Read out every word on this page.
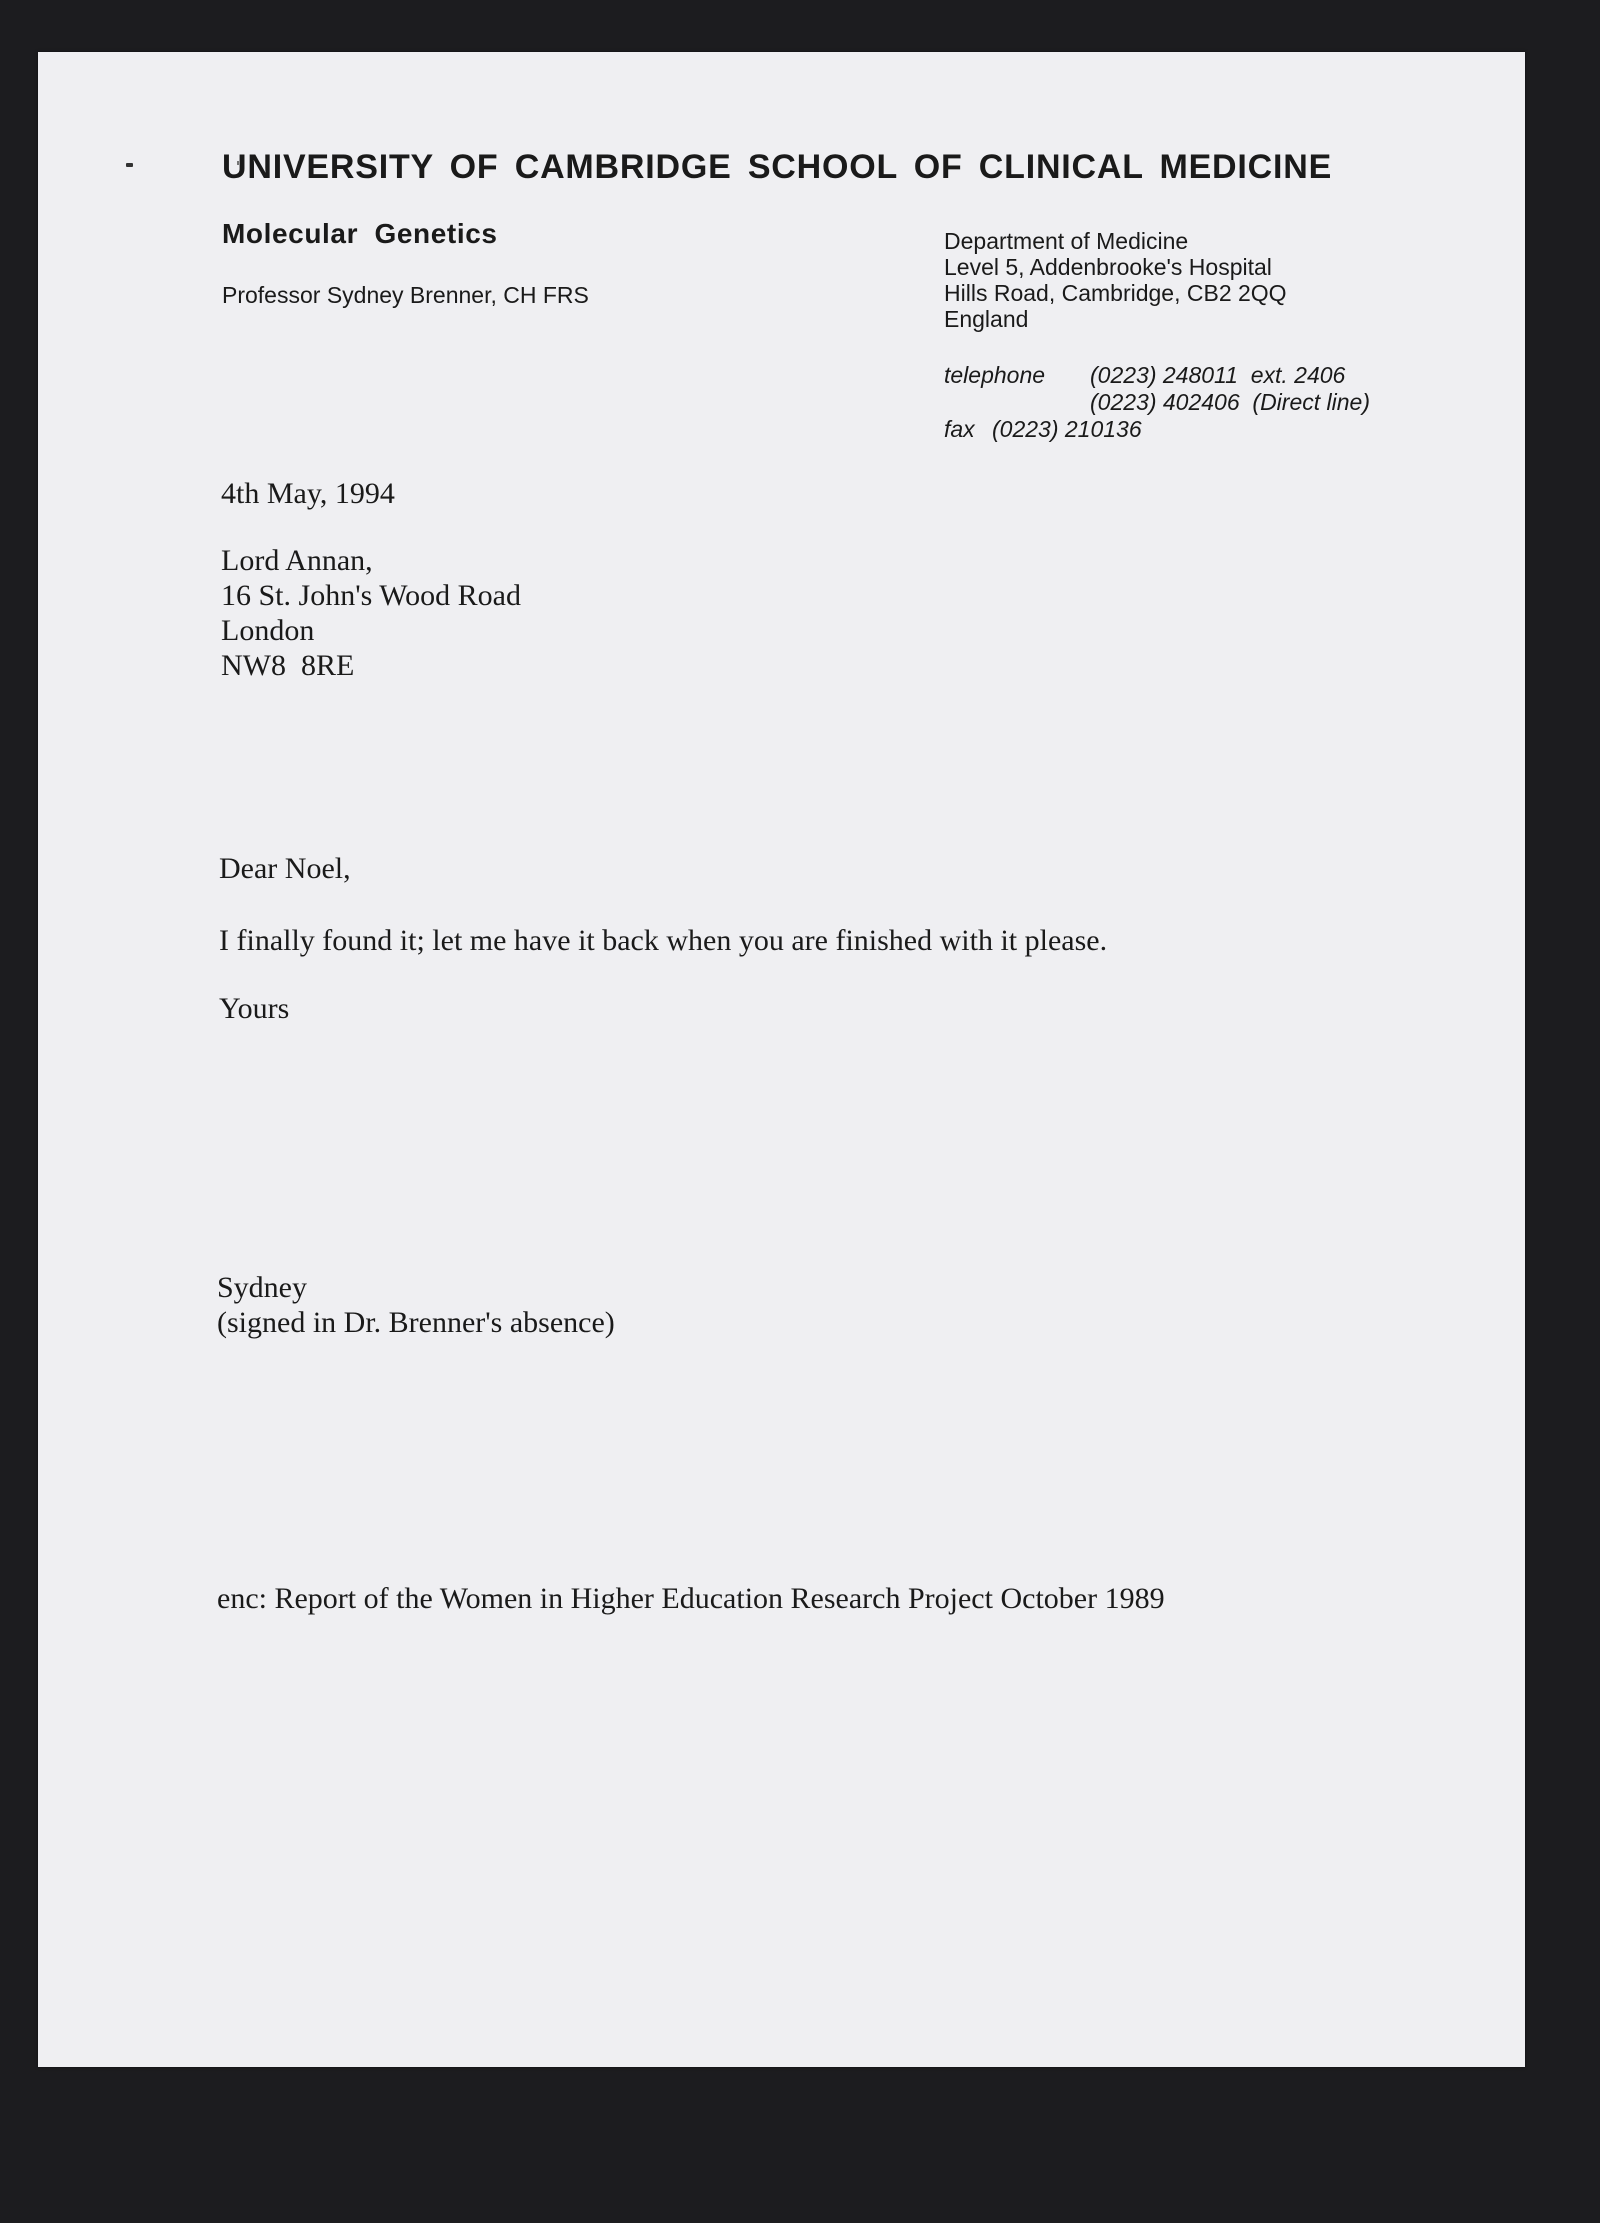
UNIVERSITY OF CAMBRIDGE SCHOOL OF CLINICAL MEDICINE
Molecular Genetics
Professor Sydney Brenner, CH FRS
Department of Medicine
Level 5, Addenbrooke's Hospital
Hills Road, Cambridge, CB2 2QQ
England
telephone (0223) 248011  ext. 2406
(0223) 402406  (Direct line)
fax (0223) 210136
4th May, 1994
Lord Annan,
16 St. John's Wood Road
London
NW8  8RE
Dear Noel,
I finally found it; let me have it back when you are finished with it please.
Yours
Sydney
(signed in Dr. Brenner's absence)
enc: Report of the Women in Higher Education Research Project October 1989
